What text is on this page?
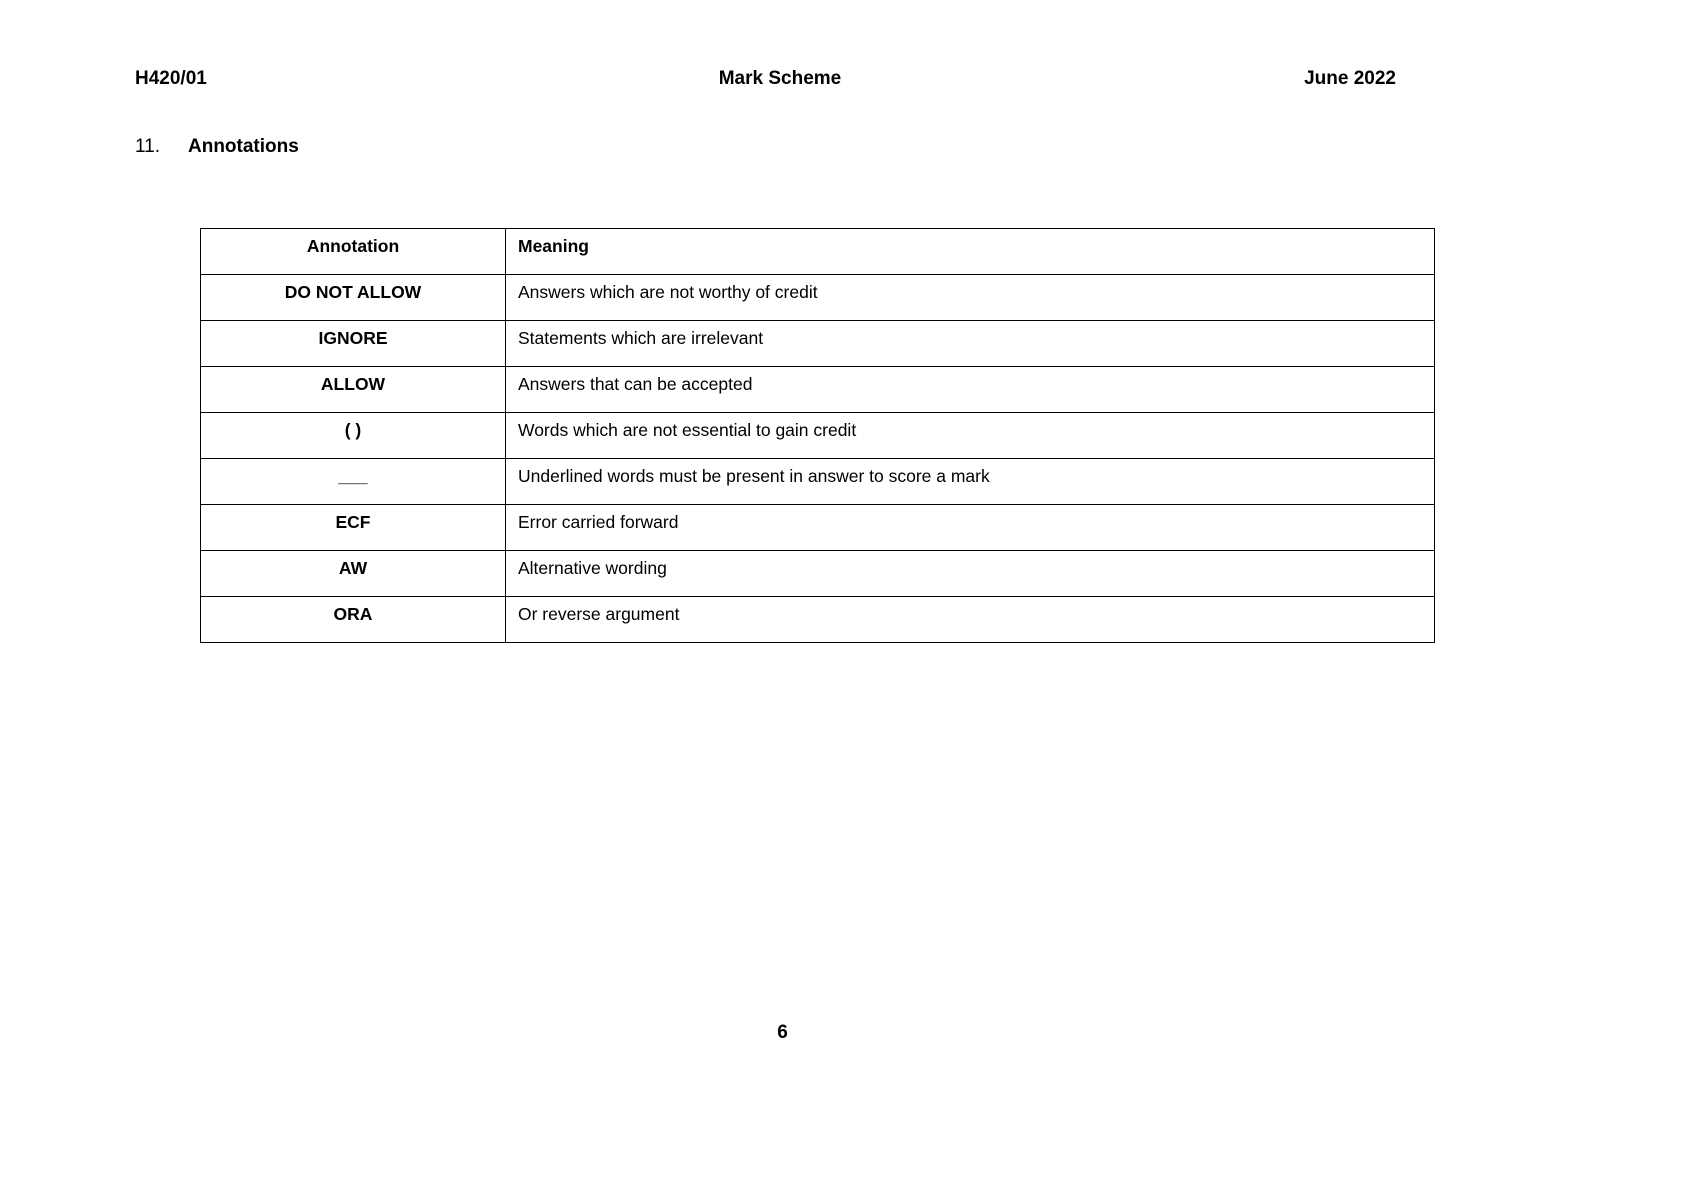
H420/01	Mark Scheme	June 2022
11. Annotations
Annotation	Meaning
DO NOT ALLOW	Answers which are not worthy of credit
IGNORE	Statements which are irrelevant
ALLOW	Answers that can be accepted
( )	Words which are not essential to gain credit
___	Underlined words must be present in answer to score a mark
ECF	Error carried forward
AW	Alternative wording
ORA	Or reverse argument
6
